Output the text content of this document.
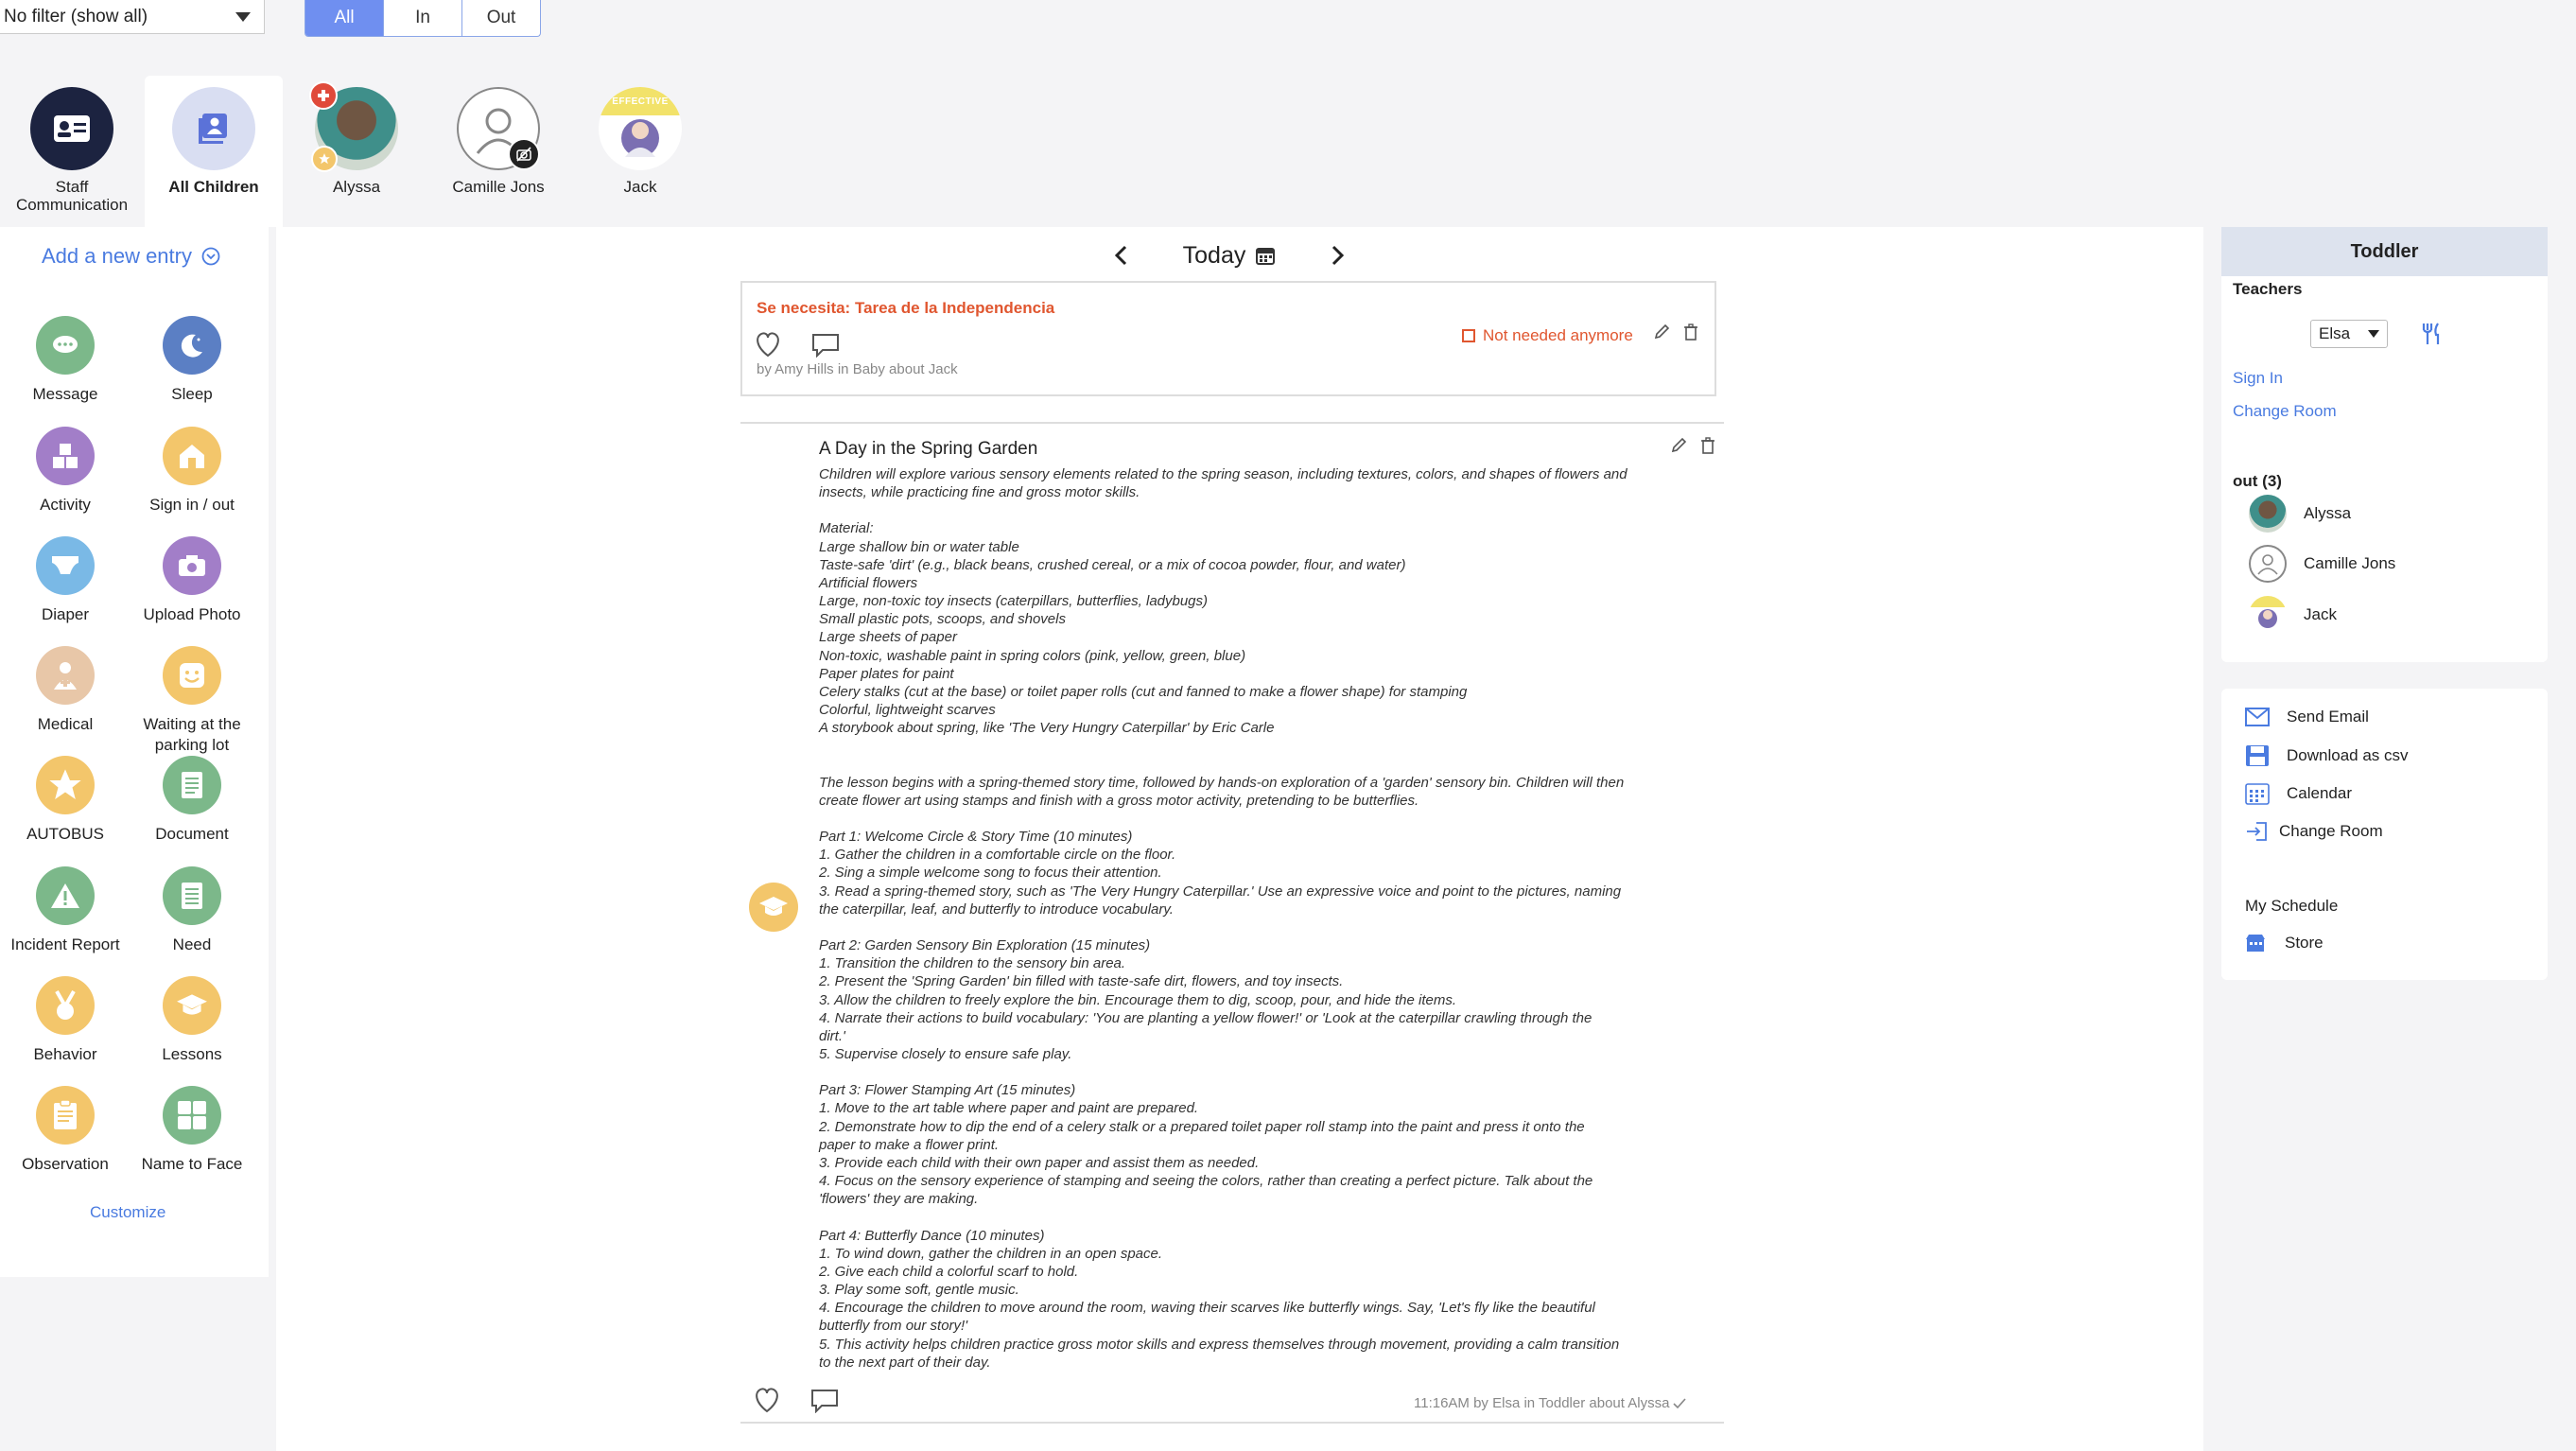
No filter (show all)	All	In	Out
Staff
Communication
All Children	Alyssa	Camille Jons
EFFECTIVE
Jack
Add a new entry
Message	Sleep
Activity	Sign in / out
Diaper	Upload Photo
Medical	Waiting at the parking lot
AUTOBUS	Document
Incident Report	Need
Behavior	Lessons
Observation	Name to Face
Customize
Today
Se necesita: Tarea de la Independencia
Not needed anymore
by Amy Hills in Baby about Jack
A Day in the Spring Garden
Children will explore various sensory elements related to the spring season, including textures, colors, and shapes of flowers and
insects, while practicing fine and gross motor skills.

Material:
Large shallow bin or water table
Taste-safe 'dirt' (e.g., black beans, crushed cereal, or a mix of cocoa powder, flour, and water)
Artificial flowers
Large, non-toxic toy insects (caterpillars, butterflies, ladybugs)
Small plastic pots, scoops, and shovels
Large sheets of paper
Non-toxic, washable paint in spring colors (pink, yellow, green, blue)
Paper plates for paint
Celery stalks (cut at the base) or toilet paper rolls (cut and fanned to make a flower shape) for stamping
Colorful, lightweight scarves
A storybook about spring, like 'The Very Hungry Caterpillar' by Eric Carle

The lesson begins with a spring-themed story time, followed by hands-on exploration of a 'garden' sensory bin. Children will then
create flower art using stamps and finish with a gross motor activity, pretending to be butterflies.

Part 1: Welcome Circle & Story Time (10 minutes)
1. Gather the children in a comfortable circle on the floor.
2. Sing a simple welcome song to focus their attention.
3. Read a spring-themed story, such as 'The Very Hungry Caterpillar.' Use an expressive voice and point to the pictures, naming
the caterpillar, leaf, and butterfly to introduce vocabulary.

Part 2: Garden Sensory Bin Exploration (15 minutes)
1. Transition the children to the sensory bin area.
2. Present the 'Spring Garden' bin filled with taste-safe dirt, flowers, and toy insects.
3. Allow the children to freely explore the bin. Encourage them to dig, scoop, pour, and hide the items.
4. Narrate their actions to build vocabulary: 'You are planting a yellow flower!' or 'Look at the caterpillar crawling through the
dirt.'
5. Supervise closely to ensure safe play.

Part 3: Flower Stamping Art (15 minutes)
1. Move to the art table where paper and paint are prepared.
2. Demonstrate how to dip the end of a celery stalk or a prepared toilet paper roll stamp into the paint and press it onto the
paper to make a flower print.
3. Provide each child with their own paper and assist them as needed.
4. Focus on the sensory experience of stamping and seeing the colors, rather than creating a perfect picture. Talk about the
'flowers' they are making.

Part 4: Butterfly Dance (10 minutes)
1. To wind down, gather the children in an open space.
2. Give each child a colorful scarf to hold.
3. Play some soft, gentle music.
4. Encourage the children to move around the room, waving their scarves like butterfly wings. Say, 'Let's fly like the beautiful
butterfly from our story!'
5. This activity helps children practice gross motor skills and express themselves through movement, providing a calm transition
to the next part of their day.
11:16AM by Elsa in Toddler about Alyssa
Toddler
Teachers
Elsa
Sign In
Change Room
out (3)
Alyssa
Camille Jons
Jack
Send Email
Download as csv
Calendar
Change Room
My Schedule
Store
